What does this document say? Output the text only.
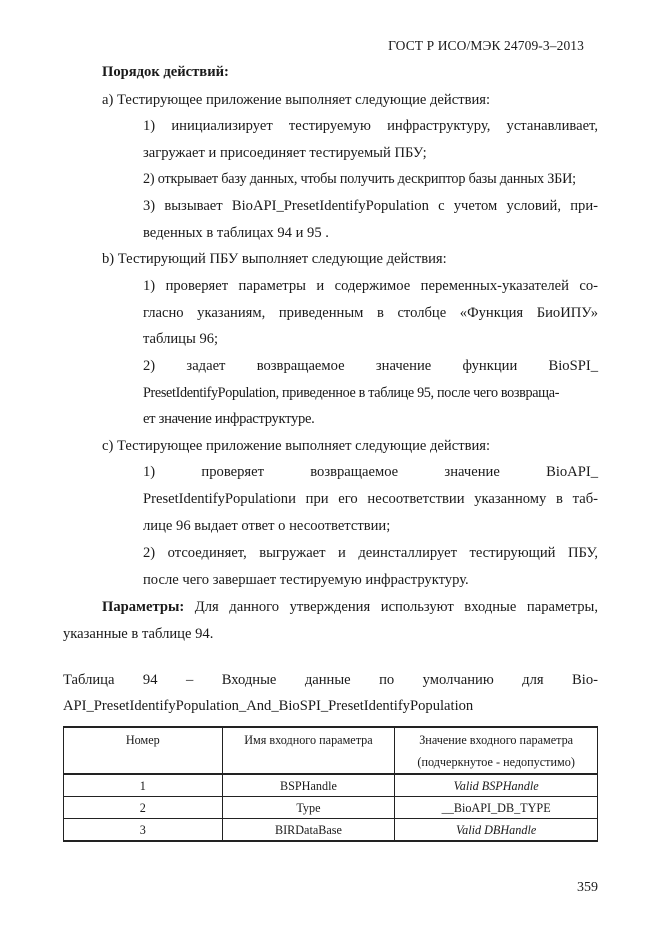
ГОСТ Р ИСО/МЭК 24709-3–2013
Порядок действий:
a) Тестирующее приложение выполняет следующие действия:
1) инициализирует тестируемую инфраструктуру, устанавливает,
загружает и присоединяет тестируемый ПБУ;
2) открывает базу данных, чтобы получить дескриптор базы данных ЗБИ;
3) вызывает BioAPI_PresetIdentifyPopulation с учетом условий, при-
веденных в таблицах 94 и 95 .
b) Тестирующий ПБУ выполняет следующие действия:
1) проверяет параметры и содержимое переменных-указателей со-
гласно указаниям, приведенным в столбце «Функция БиоИПУ»
таблицы 96;
2) задает возвращаемое значение функции BioSPI_
PresetIdentifyPopulation, приведенное в таблице 95, после чего возвраща-
ет значение инфраструктуре.
c) Тестирующее приложение выполняет следующие действия:
1) проверяет возвращаемое значение BioAPI_
PresetIdentifyPopulationи при его несоответствии указанному в таб-
лице 96 выдает ответ о несоответствии;
2) отсоединяет, выгружает и деинсталлирует тестирующий ПБУ,
после чего завершает тестируемую инфраструктуру.
Параметры: Для данного утверждения используют входные параметры,
указанные в таблице 94.
Таблица 94 – Входные данные по умолчанию для Bio-
API_PresetIdentifyPopulation_And_BioSPI_PresetIdentifyPopulation
Номер	Имя входного параметра	Значение входного параметра
(подчеркнутое - недопустимо)
1	BSPHandle	Valid BSPHandle
2	Type	__BioAPI_DB_TYPE
3	BIRDataBase	Valid DBHandle
359
